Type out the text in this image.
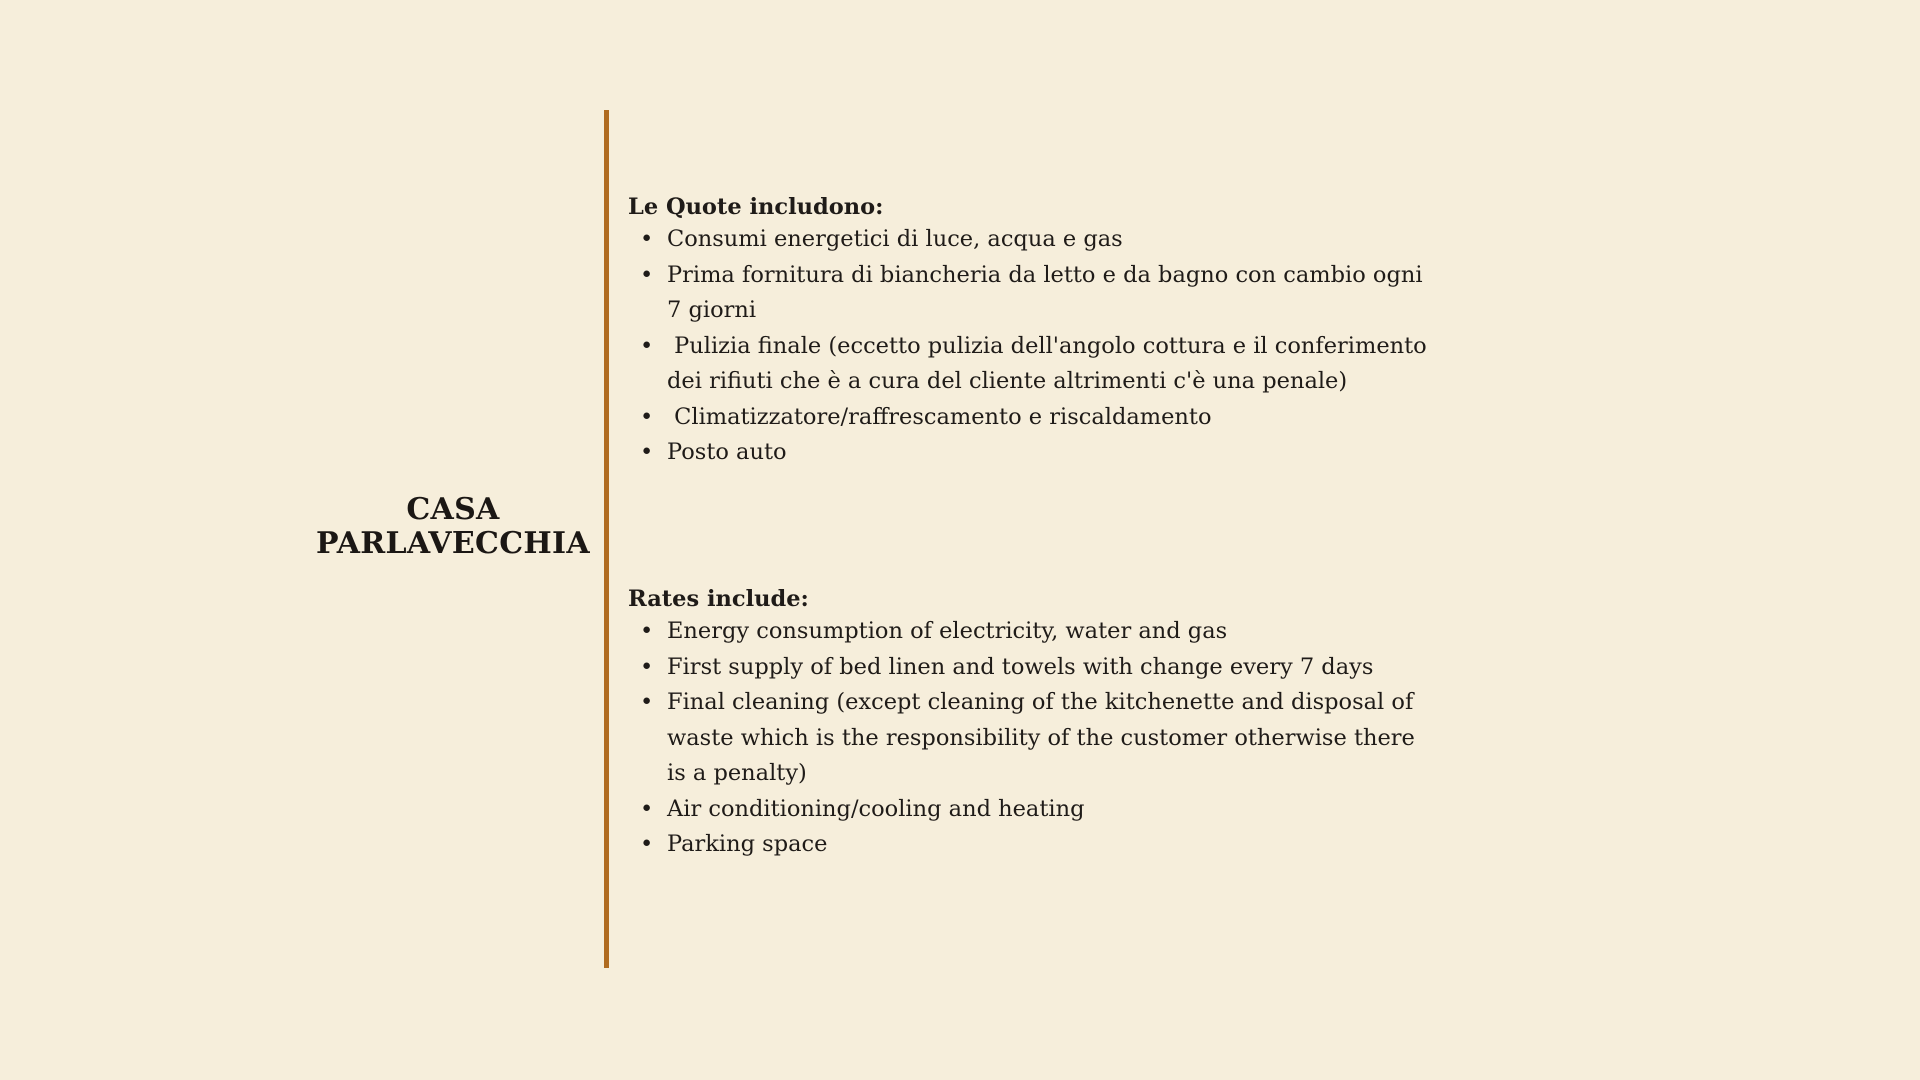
CASA PARLAVECCHIA
Le Quote includono:
• Consumi energetici di luce, acqua e gas
• Prima fornitura di biancheria da letto e da bagno con cambio ogni 7 giorni
• Pulizia finale (eccetto pulizia dell'angolo cottura e il conferimento dei rifiuti che è a cura del cliente altrimenti c'è una penale)
• Climatizzatore/raffrescamento e riscaldamento
• Posto auto
Rates include:
• Energy consumption of electricity, water and gas
• First supply of bed linen and towels with change every 7 days
• Final cleaning (except cleaning of the kitchenette and disposal of waste which is the responsibility of the customer otherwise there is a penalty)
• Air conditioning/cooling and heating
• Parking space
